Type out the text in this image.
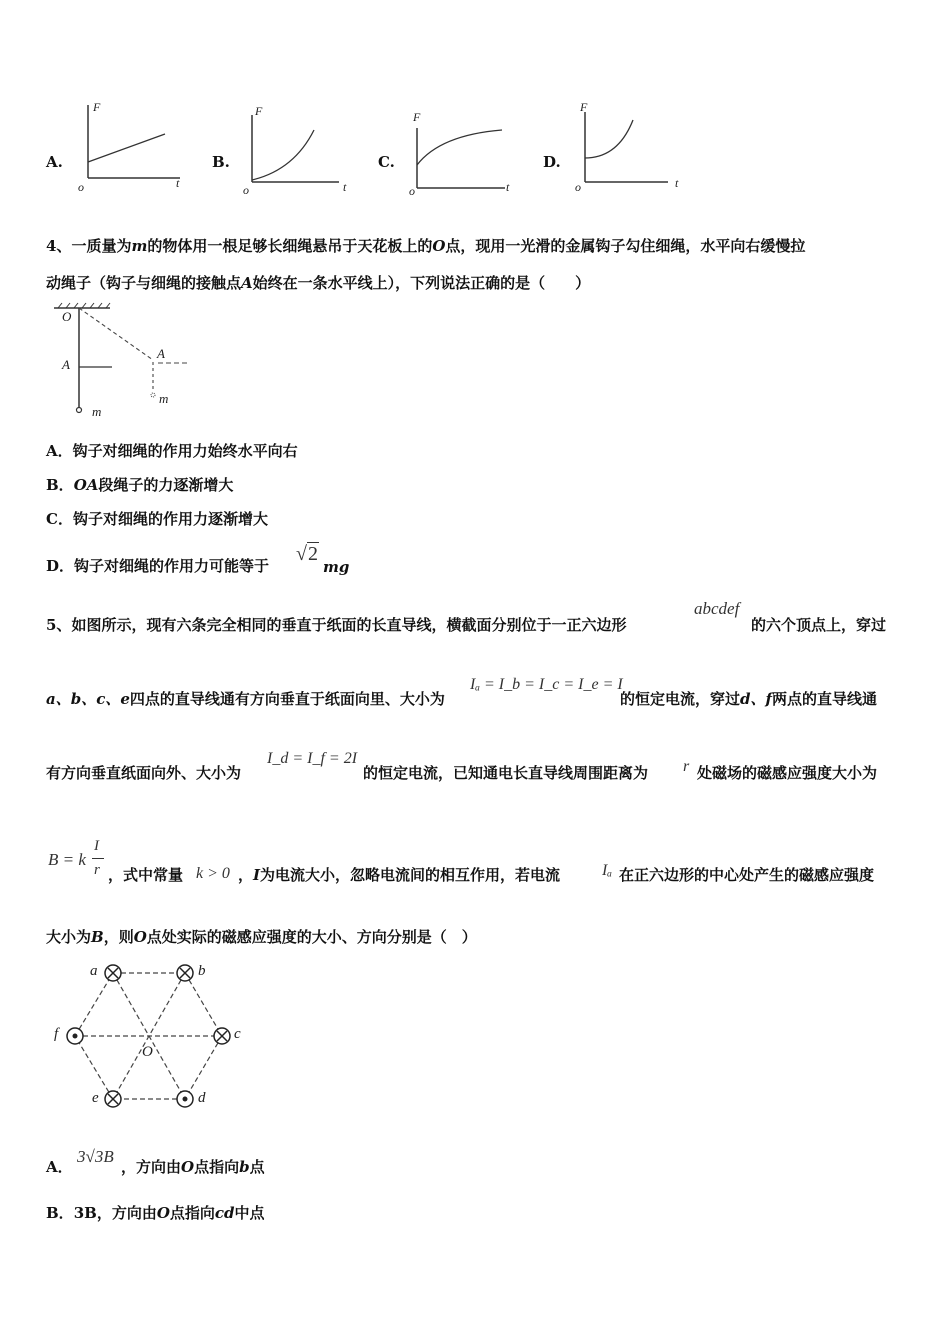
A.
F
o	t
B.
F
o	t
C.
F
o	t
D.
F
o	t
4、一质量为m的物体用一根足够长细绳悬吊于天花板上的O点，现用一光滑的金属钩子勾住细绳，水平向右缓慢拉
动绳子（钩子与细绳的接触点A始终在一条水平线上），下列说法正确的是（　　）
O
A
A
m
m
A．钩子对细绳的作用力始终水平向右
B．OA段绳子的力逐渐增大
C．钩子对细绳的作用力逐渐增大
D．钩子对细绳的作用力可能等于
√2
mg
5、如图所示，现有六条完全相同的垂直于纸面的长直导线，横截面分别位于一正六边形
abcdef
的六个顶点上，穿过
a、b、c、e四点的直导线通有方向垂直于纸面向里、大小为
Iₐ = I_b = I_c = I_e = I
的恒定电流，穿过d、f两点的直导线通
有方向垂直纸面向外、大小为
I_d = I_f = 2I
的恒定电流，已知通电长直导线周围距离为 r 处磁场的磁感应强度大小为
B = k
I
r ，式中常量 k > 0 ，I为电流大小，忽略电流间的相互作用，若电流	Iₐ 在正六边形的中心处产生的磁感应强度
大小为B，则O点处实际的磁感应强度的大小、方向分别是（　）
a	b
c
d
e
f
O
A．
3√3B
，方向由O点指向b点
B．3B，方向由O点指向cd中点
